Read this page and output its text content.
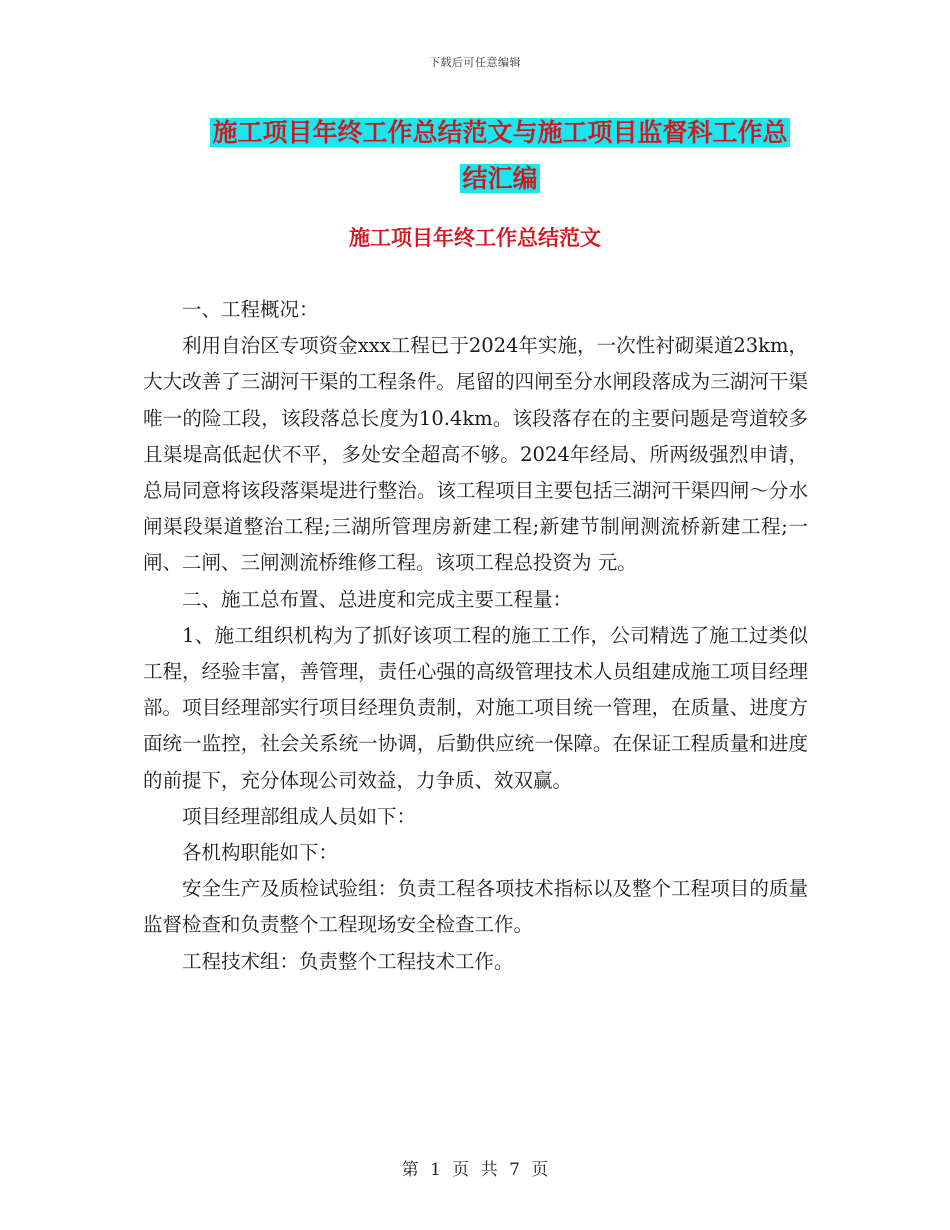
下载后可任意编辑
施工项目年终工作总结范文与施工项目监督科工作总
结汇编
施工项目年终工作总结范文

一、工程概况：

利用自治区专项资金xxx工程已于2024年实施，一次性衬砌渠道23km，大大改善了三湖河干渠的工程条件。尾留的四闸至分水闸段落成为三湖河干渠唯一的险工段，该段落总长度为10.4km。该段落存在的主要问题是弯道较多且渠堤高低起伏不平，多处安全超高不够。2024年经局、所两级强烈申请，总局同意将该段落渠堤进行整治。该工程项目主要包括三湖河干渠四闸～分水闸渠段渠道整治工程;三湖所管理房新建工程;新建节制闸测流桥新建工程;一闸、二闸、三闸测流桥维修工程。该项工程总投资为 元。

二、施工总布置、总进度和完成主要工程量：

1、施工组织机构为了抓好该项工程的施工工作，公司精选了施工过类似工程，经验丰富，善管理，责任心强的高级管理技术人员组建成施工项目经理部。项目经理部实行项目经理负责制，对施工项目统一管理，在质量、进度方面统一监控，社会关系统一协调，后勤供应统一保障。在保证工程质量和进度的前提下，充分体现公司效益，力争质、效双赢。

项目经理部组成人员如下：

各机构职能如下：

安全生产及质检试验组：负责工程各项技术指标以及整个工程项目的质量监督检查和负责整个工程现场安全检查工作。

工程技术组：负责整个工程技术工作。

第 1 页 共 7 页
